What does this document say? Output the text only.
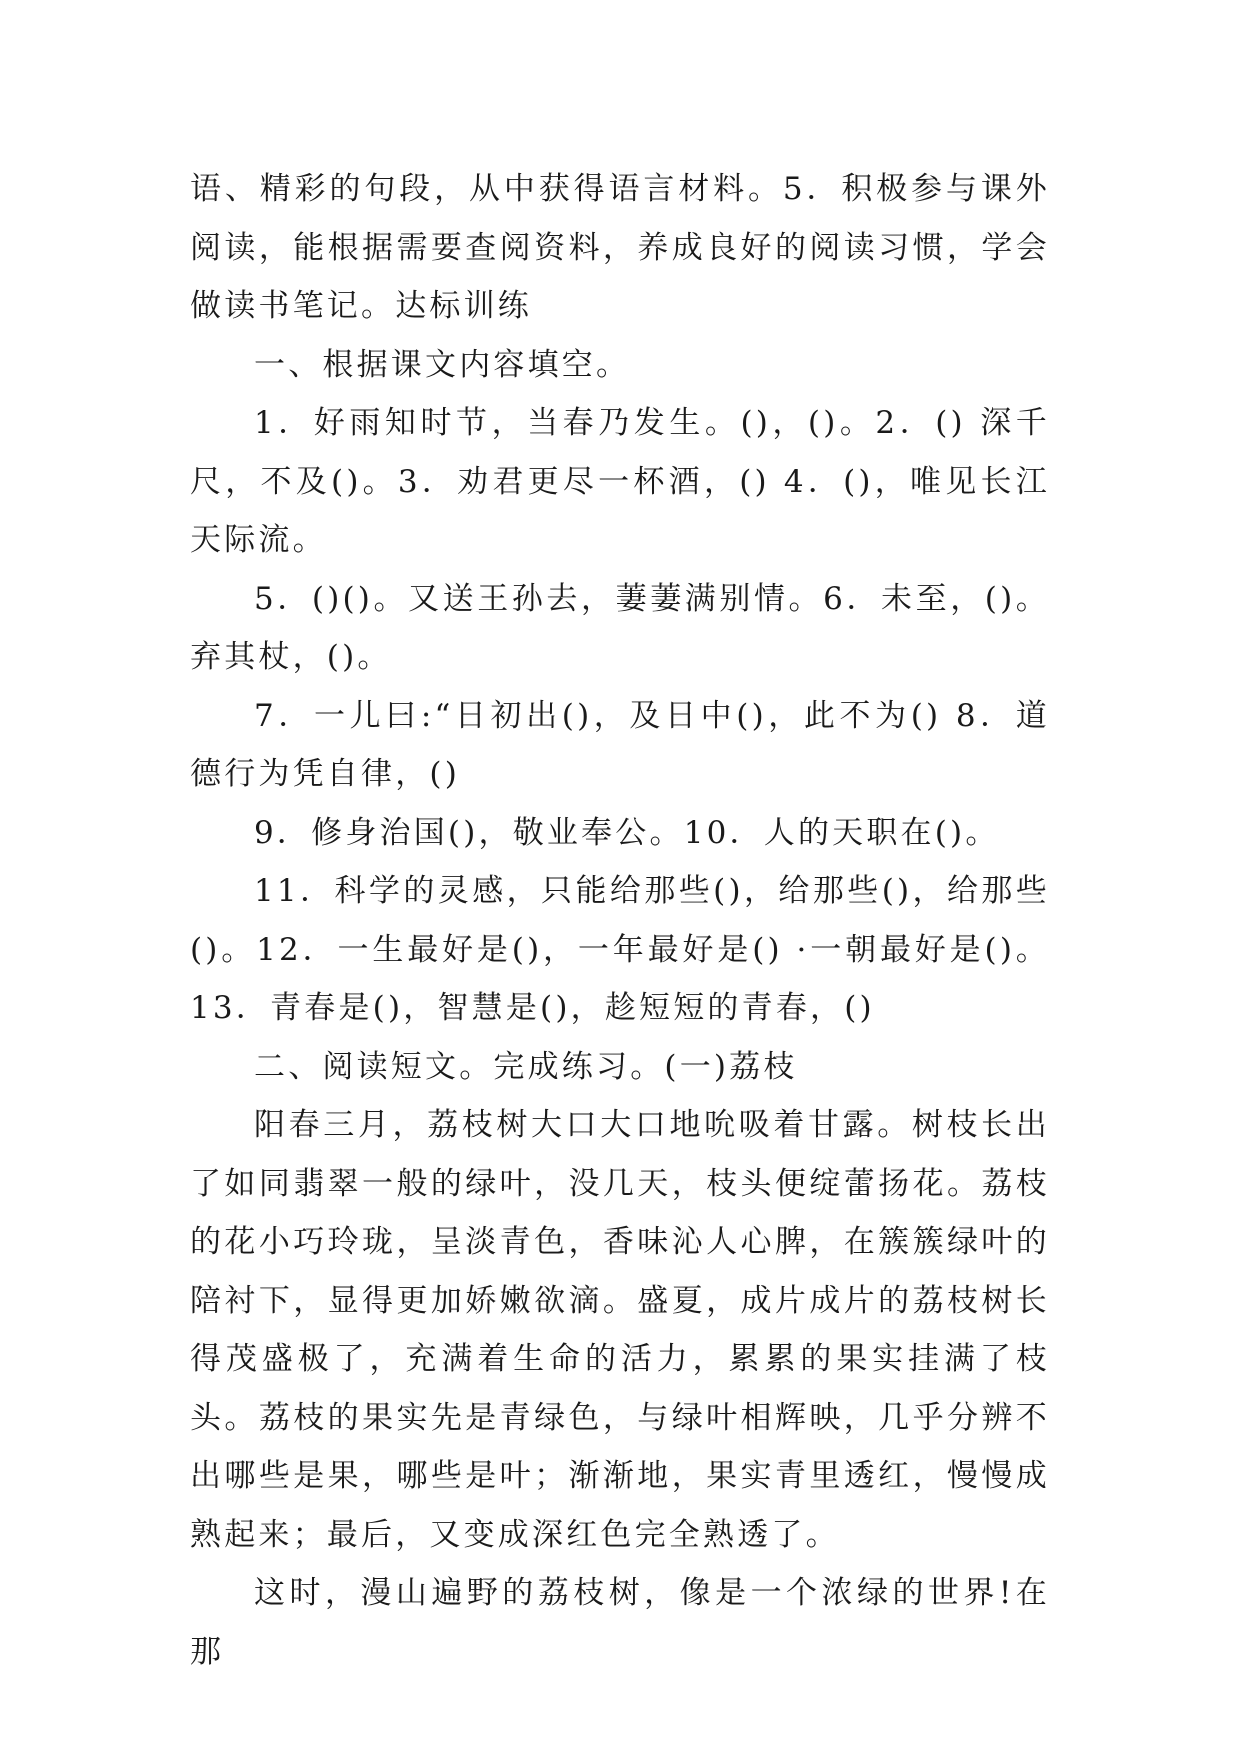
语、精彩的句段，从中获得语言材料。5．积极参与课外阅读，能根据需要查阅资料，养成良好的阅读习惯，学会做读书笔记。达标训练

一、根据课文内容填空。

1．好雨知时节，当春乃发生。()，()。2．() 深千尺，不及()。3．劝君更尽一杯酒，() 4．()，唯见长江天际流。

5．()()。又送王孙去，萋萋满别情。6．未至，()。弃其杖，()。

7．一儿曰:“日初出()，及日中()，此不为() 8．道德行为凭自律，()

9．修身治国()，敬业奉公。10．人的天职在()。

11．科学的灵感，只能给那些()，给那些()，给那些()。12．一生最好是()，一年最好是() ·一朝最好是()。13．青春是()，智慧是()，趁短短的青春，()

二、阅读短文。完成练习。(一)荔枝

阳春三月，荔枝树大口大口地吮吸着甘露。树枝长出了如同翡翠一般的绿叶，没几天，枝头便绽蕾扬花。荔枝的花小巧玲珑，呈淡青色，香味沁人心脾，在簇簇绿叶的陪衬下，显得更加娇嫩欲滴。盛夏，成片成片的荔枝树长得茂盛极了，充满着生命的活力，累累的果实挂满了枝头。荔枝的果实先是青绿色，与绿叶相辉映，几乎分辨不出哪些是果，哪些是叶；渐渐地，果实青里透红，慢慢成熟起来；最后，又变成深红色完全熟透了。

这时，漫山遍野的荔枝树，像是一个浓绿的世界!在那
